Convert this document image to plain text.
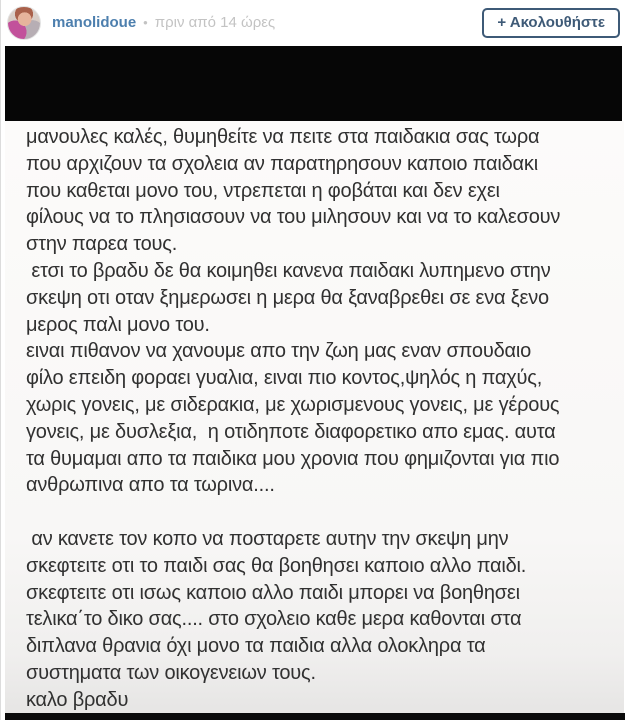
manolidoue • πριν από 14 ώρες	+ Ακολουθήστε
μανουλες καλές, θυμηθείτε να πειτε στα παιδακια σας τωρα
που αρχιζουν τα σχολεια αν παρατηρησουν καποιο παιδακι
που καθεται μονο του, ντρεπεται η φοβάται και δεν εχει
φίλους να το πλησιασουν να του μιλησουν και να το καλεσουν
στην παρεα τους.
ετσι το βραδυ δε θα κοιμηθει κανενα παιδακι λυπημενο στην
σκεψη οτι οταν ξημερωσει η μερα θα ξαναβρεθει σε ενα ξενο
μερος παλι μονο του.
ειναι πιθανον να χανουμε απο την ζωη μας εναν σπουδαιο
φίλο επειδη φοραει γυαλια, ειναι πιο κοντος,ψηλός η παχύς,
χωρις γονεις, με σιδερακια, με χωρισμενους γονεις, με γέρους
γονεις, με δυσλεξια,  η οτιδηποτε διαφορετικο απο εμας. αυτα
τα θυμαμαι απο τα παιδικα μου χρονια που φημιζονται για πιο
ανθρωπινα απο τα τωρινα....
αν κανετε τον κοπο να ποσταρετε αυτην την σκεψη μην
σκεφτειτε οτι το παιδι σας θα βοηθησει καποιο αλλο παιδι.
σκεφτειτε οτι ισως καποιο αλλο παιδι μπορει να βοηθησει
τελικα΄το δικο σας.... στο σχολειο καθε μερα καθονται στα
διπλανα θρανια όχι μονο τα παιδια αλλα ολοκληρα τα
συστηματα των οικογενειων τους.
καλο βραδυ
